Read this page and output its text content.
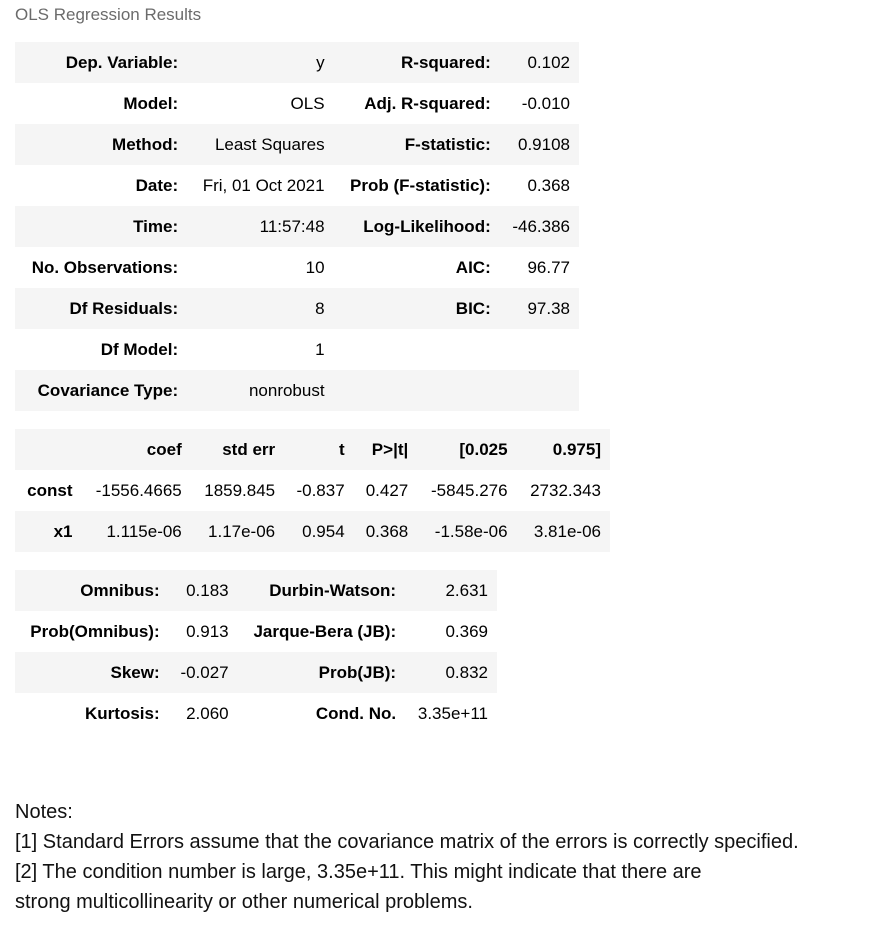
OLS Regression Results
Dep. Variable:	y	R-squared:	0.102
Model:	OLS	Adj. R-squared:	-0.010
Method:	Least Squares	F-statistic:	0.9108
Date:	Fri, 01 Oct 2021	Prob (F-statistic):	0.368
Time:	11:57:48	Log-Likelihood:	-46.386
No. Observations:	10	AIC:	96.77
Df Residuals:	8	BIC:	97.38
Df Model:	1		
Covariance Type:	nonrobust		
	coef	std err	t	P>|t|	[0.025	0.975]
const	-1556.4665	1859.845	-0.837	0.427	-5845.276	2732.343
x1	1.115e-06	1.17e-06	0.954	0.368	-1.58e-06	3.81e-06
Omnibus:	0.183	Durbin-Watson:	2.631
Prob(Omnibus):	0.913	Jarque-Bera (JB):	0.369
Skew:	-0.027	Prob(JB):	0.832
Kurtosis:	2.060	Cond. No.	3.35e+11
Notes:
[1] Standard Errors assume that the covariance matrix of the errors is correctly specified.
[2] The condition number is large, 3.35e+11. This might indicate that there are
strong multicollinearity or other numerical problems.
